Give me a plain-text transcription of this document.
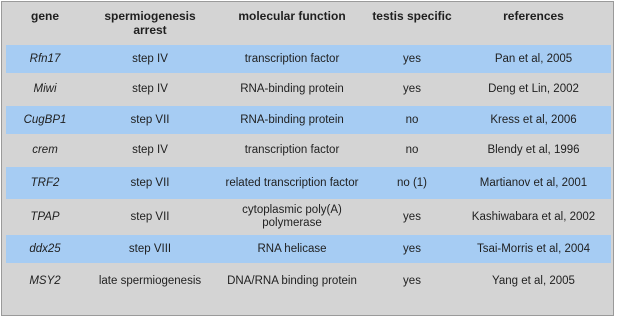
gene	spermiogenesis arrest	molecular function	testis specific	references
Rfn17	step IV	transcription factor	yes	Pan et al, 2005
Miwi	step IV	RNA-binding protein	yes	Deng et Lin, 2002
CugBP1	step VII	RNA-binding protein	no	Kress et al, 2006
crem	step IV	transcription factor	no	Blendy et al, 1996
TRF2	step VII	related transcription factor	no (1)	Martianov et al, 2001
TPAP	step VII	cytoplasmic poly(A) polymerase	yes	Kashiwabara et al, 2002
ddx25	step VIII	RNA helicase	yes	Tsai-Morris et al, 2004
MSY2	late spermiogenesis	DNA/RNA binding protein	yes	Yang et al, 2005
